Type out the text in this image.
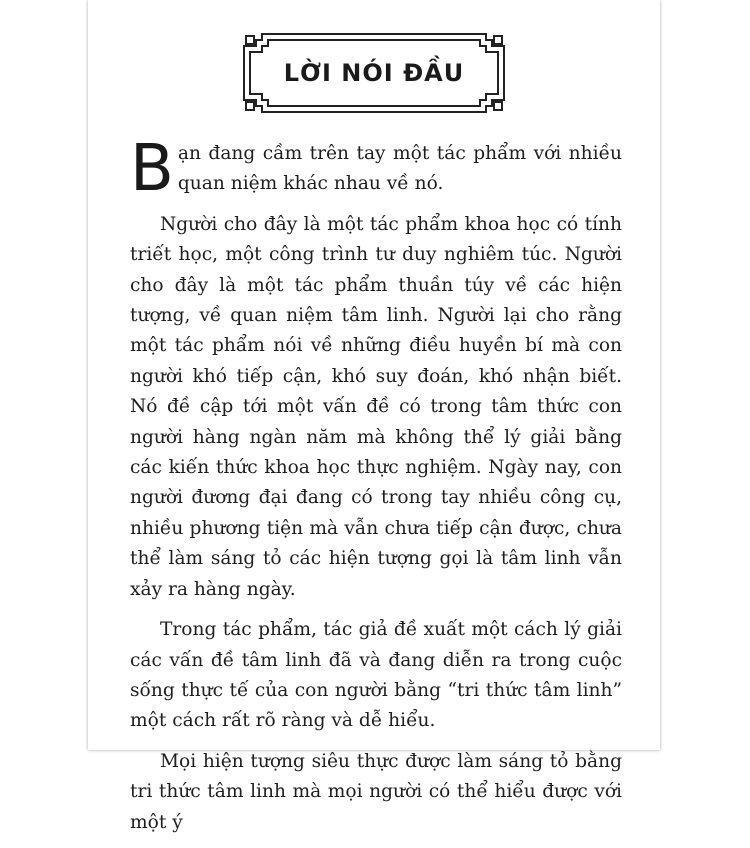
LỜI NÓI ĐẦU

Bạn đang cầm trên tay một tác phẩm với nhiều quan niệm khác nhau về nó.

Người cho đây là một tác phẩm khoa học có tính triết học, một công trình tư duy nghiêm túc. Người cho đây là một tác phẩm thuần túy về các hiện tượng, về quan niệm tâm linh. Người lại cho rằng một tác phẩm nói về những điều huyền bí mà con người khó tiếp cận, khó suy đoán, khó nhận biết. Nó đề cập tới một vấn đề có trong tâm thức con người hàng ngàn năm mà không thể lý giải bằng các kiến thức khoa học thực nghiệm. Ngày nay, con người đương đại đang có trong tay nhiều công cụ, nhiều phương tiện mà vẫn chưa tiếp cận được, chưa thể làm sáng tỏ các hiện tượng gọi là tâm linh vẫn xảy ra hàng ngày.

Trong tác phẩm, tác giả đề xuất một cách lý giải các vấn đề tâm linh đã và đang diễn ra trong cuộc sống thực tế của con người bằng “tri thức tâm linh” một cách rất rõ ràng và dễ hiểu.

Mọi hiện tượng siêu thực được làm sáng tỏ bằng tri thức tâm linh mà mọi người có thể hiểu được với một ý
